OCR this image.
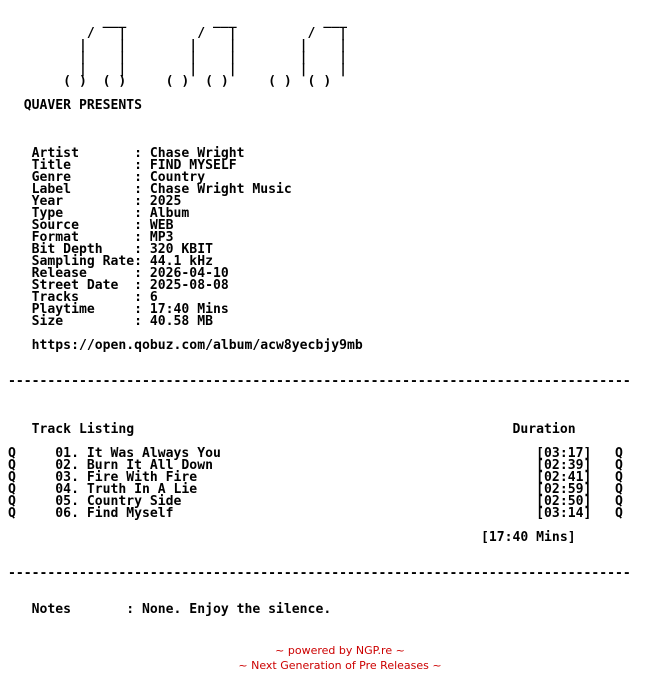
___           ___           ___
/   |         /   |         /   |
|    |        |    |        |    |
|    |        |    |        |    |
|    |        |    |        |    |
( )  ( )     ( )  ( )     ( )  ( )

QUAVER PRESENTS

Artist       : Chase Wright
Title        : FIND MYSELF
Genre        : Country
Label        : Chase Wright Music
Year         : 2025
Type         : Album
Source       : WEB
Format       : MP3
Bit Depth    : 320 KBIT
Sampling Rate: 44.1 kHz
Release      : 2026-04-10
Street Date  : 2025-08-08
Tracks       : 6
Playtime     : 17:40 Mins
Size         : 40.58 MB

https://open.qobuz.com/album/acw8yecbjy9mb

-------------------------------------------------------------------------------

Track Listing                                                Duration

Q     01. It Was Always You                                        [03:17]   Q
Q     02. Burn It All Down                                         [02:39]   Q
Q     03. Fire With Fire                                           [02:41]   Q
Q     04. Truth In A Lie                                           [02:59]   Q
Q     05. Country Side                                             [02:50]   Q
Q     06. Find Myself                                              [03:14]   Q

[17:40 Mins]

-------------------------------------------------------------------------------

Notes       : None. Enjoy the silence.

~ powered by NGP.re ~
~ Next Generation of Pre Releases ~
